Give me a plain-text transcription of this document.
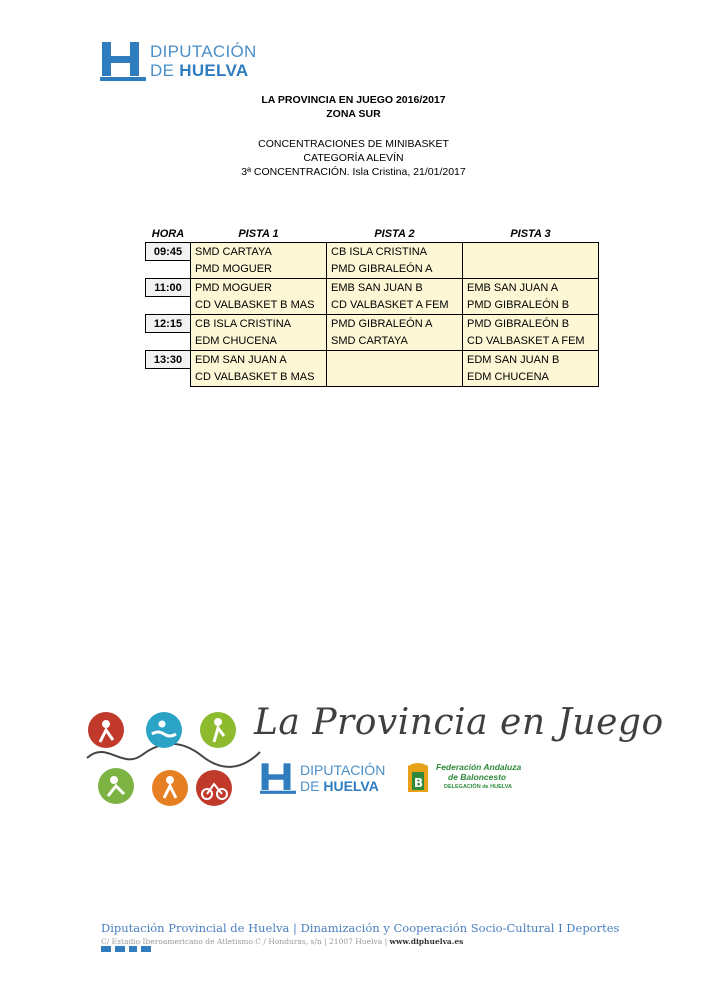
DIPUTACIÓN
DE HUELVA
LA PROVINCIA EN JUEGO 2016/2017
ZONA SUR
CONCENTRACIONES DE MINIBASKET
CATEGORÍA ALEVÍN
3ª CONCENTRACIÓN. Isla Cristina, 21/01/2017
HORA	PISTA 1	PISTA 2	PISTA 3
09:45	SMD CARTAYA	CB ISLA CRISTINA	
	PMD MOGUER	PMD GIBRALEÓN A	
11:00	PMD MOGUER	EMB SAN JUAN B	EMB SAN JUAN A
	CD VALBASKET B MAS	CD VALBASKET A FEM	PMD GIBRALEÓN B
12:15	CB ISLA CRISTINA	PMD GIBRALEÓN A	PMD GIBRALEÓN B
	EDM CHUCENA	SMD CARTAYA	CD VALBASKET A FEM
13:30	EDM SAN JUAN A		EDM SAN JUAN B
	CD VALBASKET B MAS		EDM CHUCENA
La Provincia en Juego
DIPUTACIÓN
DE HUELVA	B
Federación Andaluza
de Baloncesto
DELEGACIÓN de HUELVA
Diputación Provincial de Huelva | Dinamización y Cooperación Socio-Cultural I Deportes
C/ Estadio Iberoamericano de Atletismo C / Honduras, s/n | 21007 Huelva | www.diphuelva.es
